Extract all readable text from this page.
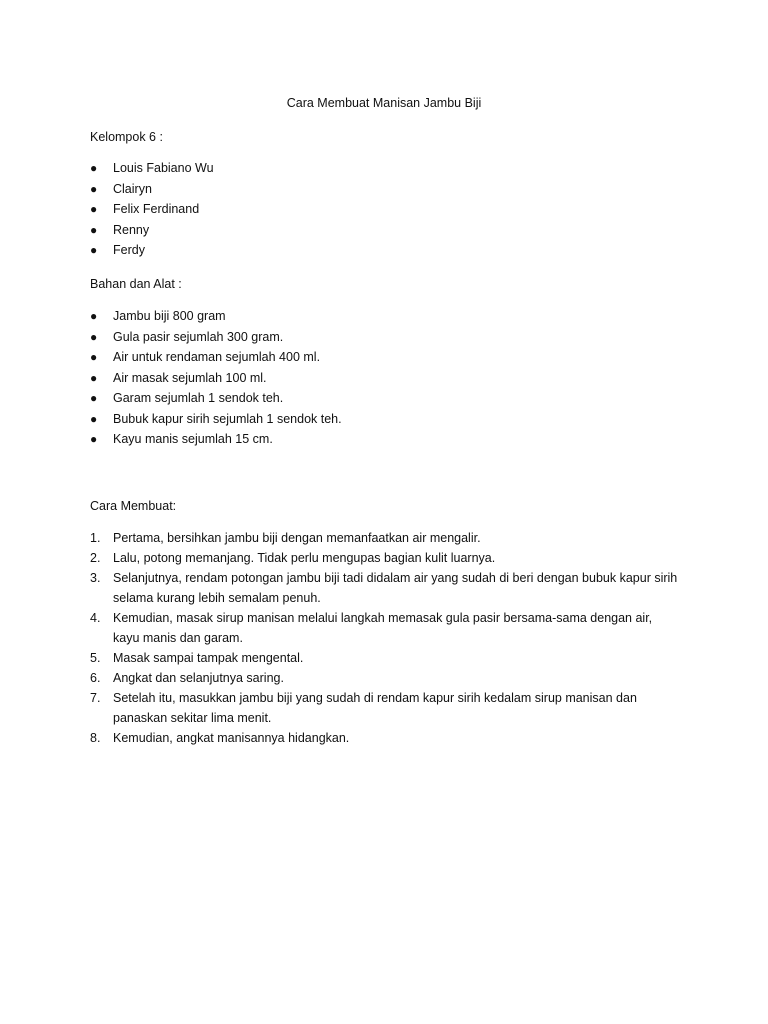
Cara Membuat Manisan Jambu Biji
Kelompok 6 :
● Louis Fabiano Wu
● Clairyn
● Felix Ferdinand
● Renny
● Ferdy
Bahan dan Alat :
● Jambu biji 800 gram
● Gula pasir sejumlah 300 gram.
● Air untuk rendaman sejumlah 400 ml.
● Air masak sejumlah 100 ml.
● Garam sejumlah 1 sendok teh.
● Bubuk kapur sirih sejumlah 1 sendok teh.
● Kayu manis sejumlah 15 cm.
Cara Membuat:
1.	Pertama, bersihkan jambu biji dengan memanfaatkan air mengalir.
2.	Lalu, potong memanjang. Tidak perlu mengupas bagian kulit luarnya.
3.	Selanjutnya, rendam potongan jambu biji tadi didalam air yang sudah di beri dengan bubuk kapur sirih selama kurang lebih semalam penuh.
4.	Kemudian, masak sirup manisan melalui langkah memasak gula pasir bersama-sama dengan air, kayu manis dan garam.
5.	Masak sampai tampak mengental.
6.	Angkat dan selanjutnya saring.
7.	Setelah itu, masukkan jambu biji yang sudah di rendam kapur sirih kedalam sirup manisan dan panaskan sekitar lima menit.
8.	Kemudian, angkat manisannya hidangkan.
